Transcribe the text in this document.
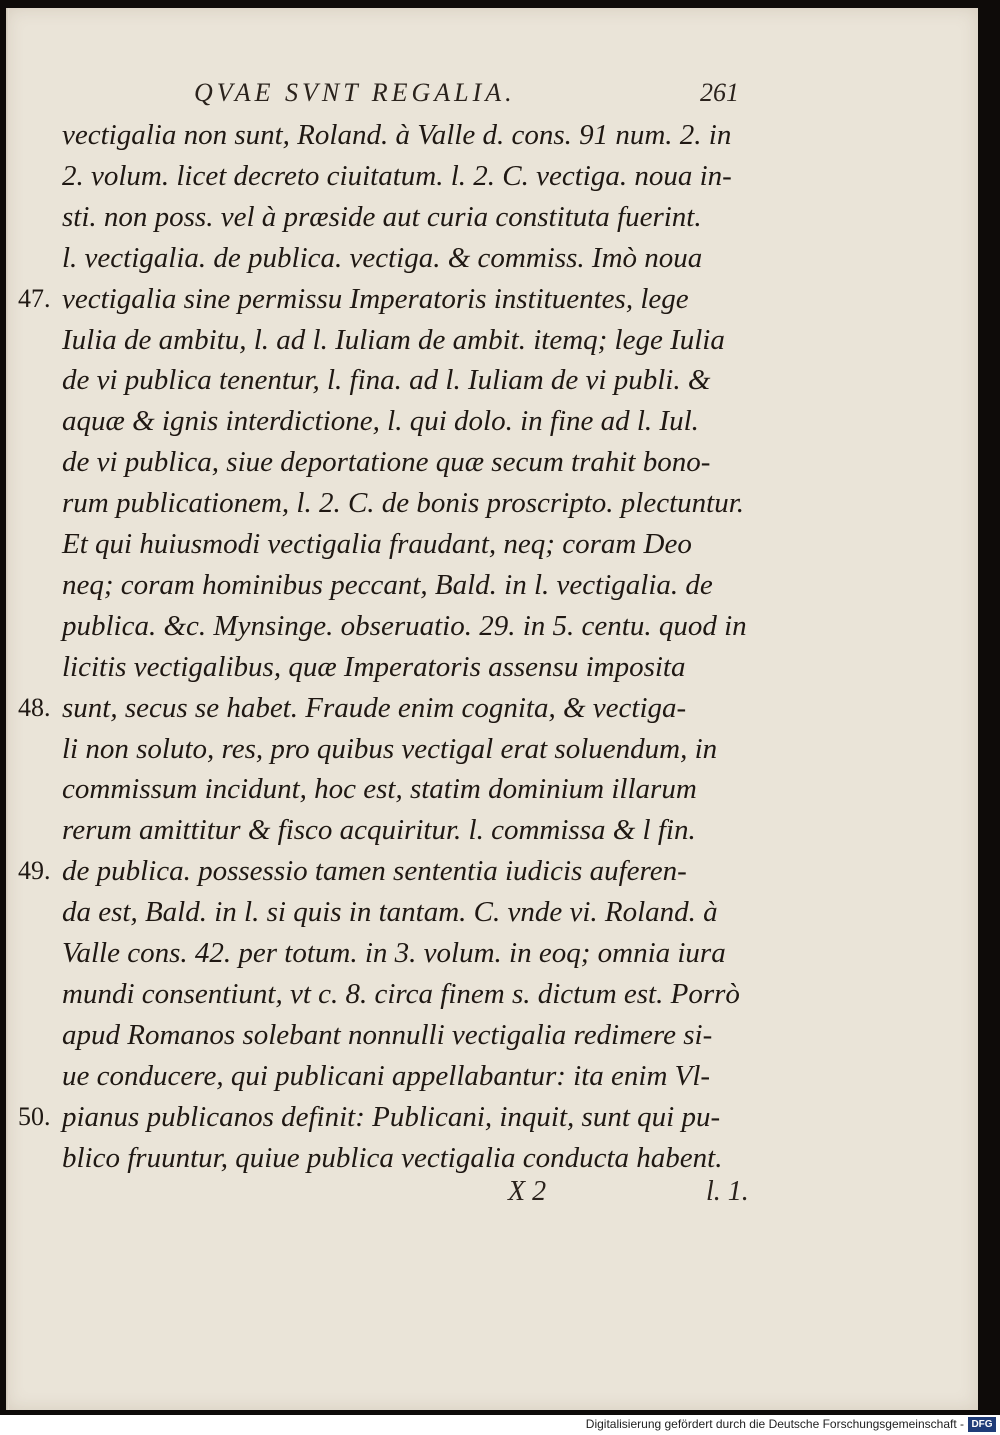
QVAE SVNT REGALIA.	261
vectigalia non sunt, Roland. à Valle d. cons. 91 num. 2. in
2. volum. licet decreto ciuitatum. l. 2. C. vectiga. noua in-
sti. non poss. vel à præside aut curia constituta fuerint.
l. vectigalia. de publica. vectiga. & commiss. Imò noua
47. vectigalia sine permissu Imperatoris instituentes, lege
Iulia de ambitu, l. ad l. Iuliam de ambit. itemq; lege Iulia
de vi publica tenentur, l. fina. ad l. Iuliam de vi publi. &
aquæ & ignis interdictione, l. qui dolo. in fine ad l. Iul.
de vi publica, siue deportatione quæ secum trahit bono-
rum publicationem, l. 2. C. de bonis proscripto. plectuntur.
Et qui huiusmodi vectigalia fraudant, neq; coram Deo
neq; coram hominibus peccant, Bald. in l. vectigalia. de
publica. &c. Mynsinge. obseruatio. 29. in 5. centu. quod in
licitis vectigalibus, quæ Imperatoris assensu imposita
48. sunt, secus se habet. Fraude enim cognita, & vectiga-
li non soluto, res, pro quibus vectigal erat soluendum, in
commissum incidunt, hoc est, statim dominium illarum
rerum amittitur & fisco acquiritur. l. commissa & l fin.
49. de publica. possessio tamen sententia iudicis auferen-
da est, Bald. in l. si quis in tantam. C. vnde vi. Roland. à
Valle cons. 42. per totum. in 3. volum. in eoq; omnia iura
mundi consentiunt, vt c. 8. circa finem s. dictum est. Porrò
apud Romanos solebant nonnulli vectigalia redimere si-
ue conducere, qui publicani appellabantur: ita enim Vl-
50. pianus publicanos definit: Publicani, inquit, sunt qui pu-
blico fruuntur, quiue publica vectigalia conducta habent.
X 2	l. 1.
Digitalisierung gefördert durch die Deutsche Forschungsgemeinschaft - DFG
